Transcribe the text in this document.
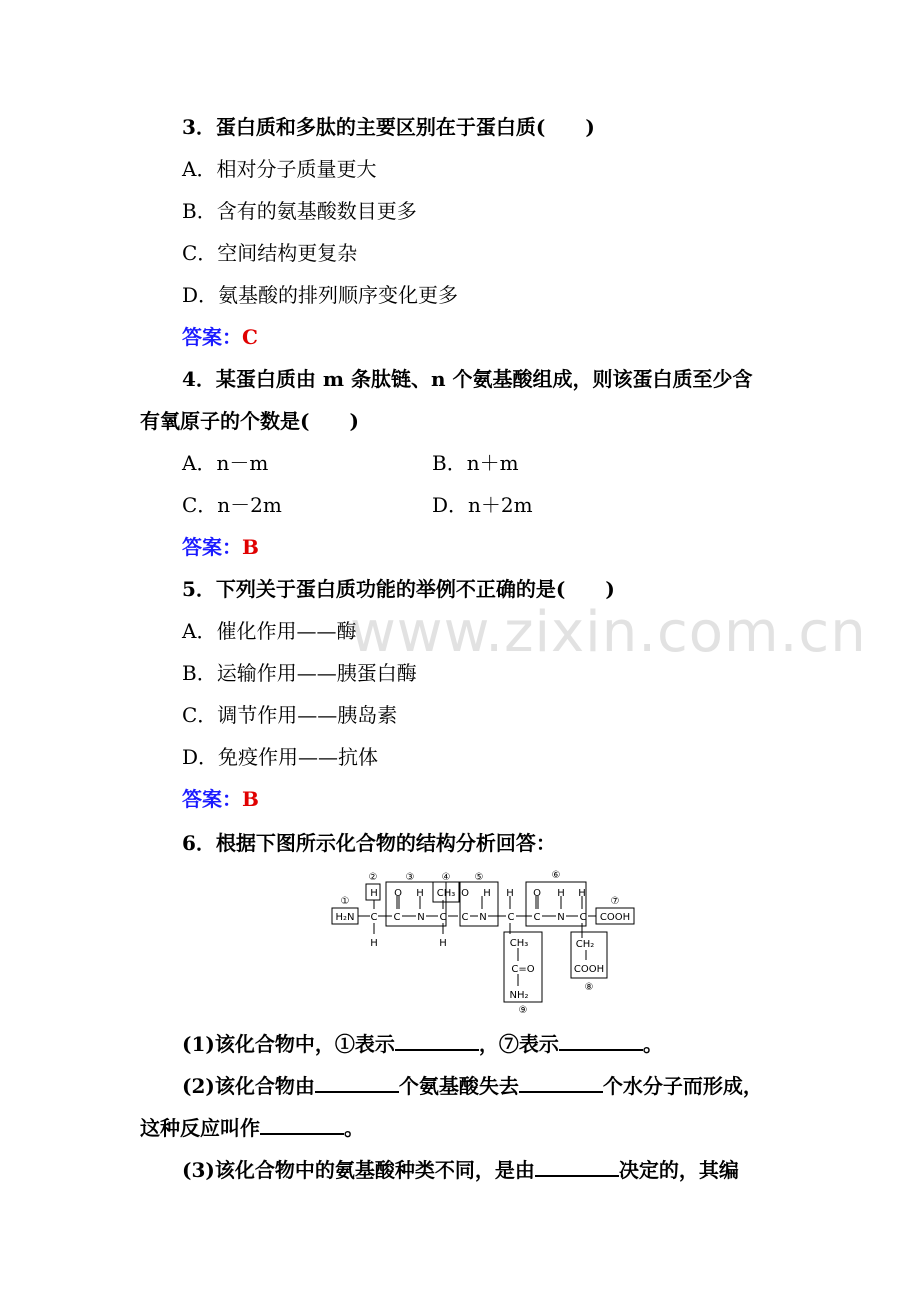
www.zixin.com.cn
3．蛋白质和多肽的主要区别在于蛋白质(　　)
A．相对分子质量更大
B．含有的氨基酸数目更多
C．空间结构更复杂
D．氨基酸的排列顺序变化更多
答案：C
4．某蛋白质由 m 条肽链、n 个氨基酸组成，则该蛋白质至少含
有氧原子的个数是(　　)
A．n－m	B．n＋m
C．n－2m	D．n＋2m
答案：B
5．下列关于蛋白质功能的举例不正确的是(　　)
A．催化作用——酶
B．运输作用——胰蛋白酶
C．调节作用——胰岛素
D．免疫作用——抗体
答案：B
6．根据下图所示化合物的结构分析回答：
①
②	③	④ ⑤	⑥
⑦
⑧
⑨
H₂N
H
C
H
O
C
H
N
CH₃
C
H
O
C
H
N
H
C
O
C
H
N
H
C COOH
CH₃
C=O
NH₂
CH₂
COOH
(1)该化合物中，①表示	，⑦表示	。
(2)该化合物由	个氨基酸失去	个水分子而形成，
这种反应叫作	。
(3)该化合物中的氨基酸种类不同，是由	决定的，其编
